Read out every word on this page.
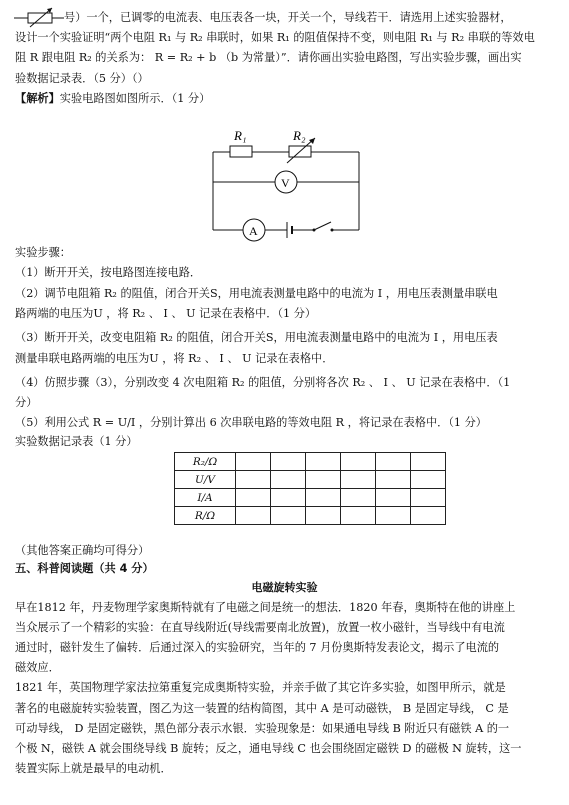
号）一个，已调零的电流表、电压表各一块，开关一个，导线若干．请选用上述实验器材，
设计一个实验证明“两个电阻 R₁ 与 R₂ 串联时，如果 R₁ 的阻值保持不变，则电阻 R₁ 与 R₂ 串联的等效电
阻 R 跟电阻 R₂ 的关系为： R = R₂ + b （b 为常量）”．请你画出实验电路图，写出实验步骤，画出实
验数据记录表．（5 分）（）
【解析】实验电路图如图所示．（1 分）
R₁	R₂
V
A
实验步骤：
（1）断开开关，按电路图连接电路．
（2）调节电阻箱 R₂ 的阻值，闭合开关S，用电流表测量电路中的电流为 I ，用电压表测量串联电
路两端的电压为U ，将 R₂ 、 I 、 U 记录在表格中．（1 分）
（3）断开开关，改变电阻箱 R₂ 的阻值，闭合开关S，用电流表测量电路中的电流为 I ，用电压表
测量串联电路两端的电压为U ，将 R₂ 、 I 、 U 记录在表格中．
（4）仿照步骤（3），分别改变 4 次电阻箱 R₂ 的阻值，分别将各次 R₂ 、 I 、 U 记录在表格中．（1
分）
（5）利用公式 R = U/I ，分别计算出 6 次串联电路的等效电阻 R ，将记录在表格中．（1 分）
实验数据记录表（1 分）
R₂/Ω						
U/V						
I/A						
R/Ω						
（其他答案正确均可得分）
五、科普阅读题（共 4 分）
电磁旋转实验
早在1812 年，丹麦物理学家奥斯特就有了电磁之间是统一的想法．1820 年春，奥斯特在他的讲座上
当众展示了一个精彩的实验：在直导线附近(导线需要南北放置)，放置一枚小磁针，当导线中有电流
通过时，磁针发生了偏转．后通过深入的实验研究，当年的 7 月份奥斯特发表论文，揭示了电流的
磁效应．
1821 年，英国物理学家法拉第重复完成奥斯特实验，并亲手做了其它许多实验，如图甲所示，就是
著名的电磁旋转实验装置，图乙为这一装置的结构简图，其中 A 是可动磁铁， B 是固定导线， C 是
可动导线， D 是固定磁铁，黑色部分表示水银．实验现象是：如果通电导线 B 附近只有磁铁 A 的一
个极 N，磁铁 A 就会围绕导线 B 旋转；反之，通电导线 C 也会围绕固定磁铁 D 的磁极 N 旋转，这一
装置实际上就是最早的电动机．
